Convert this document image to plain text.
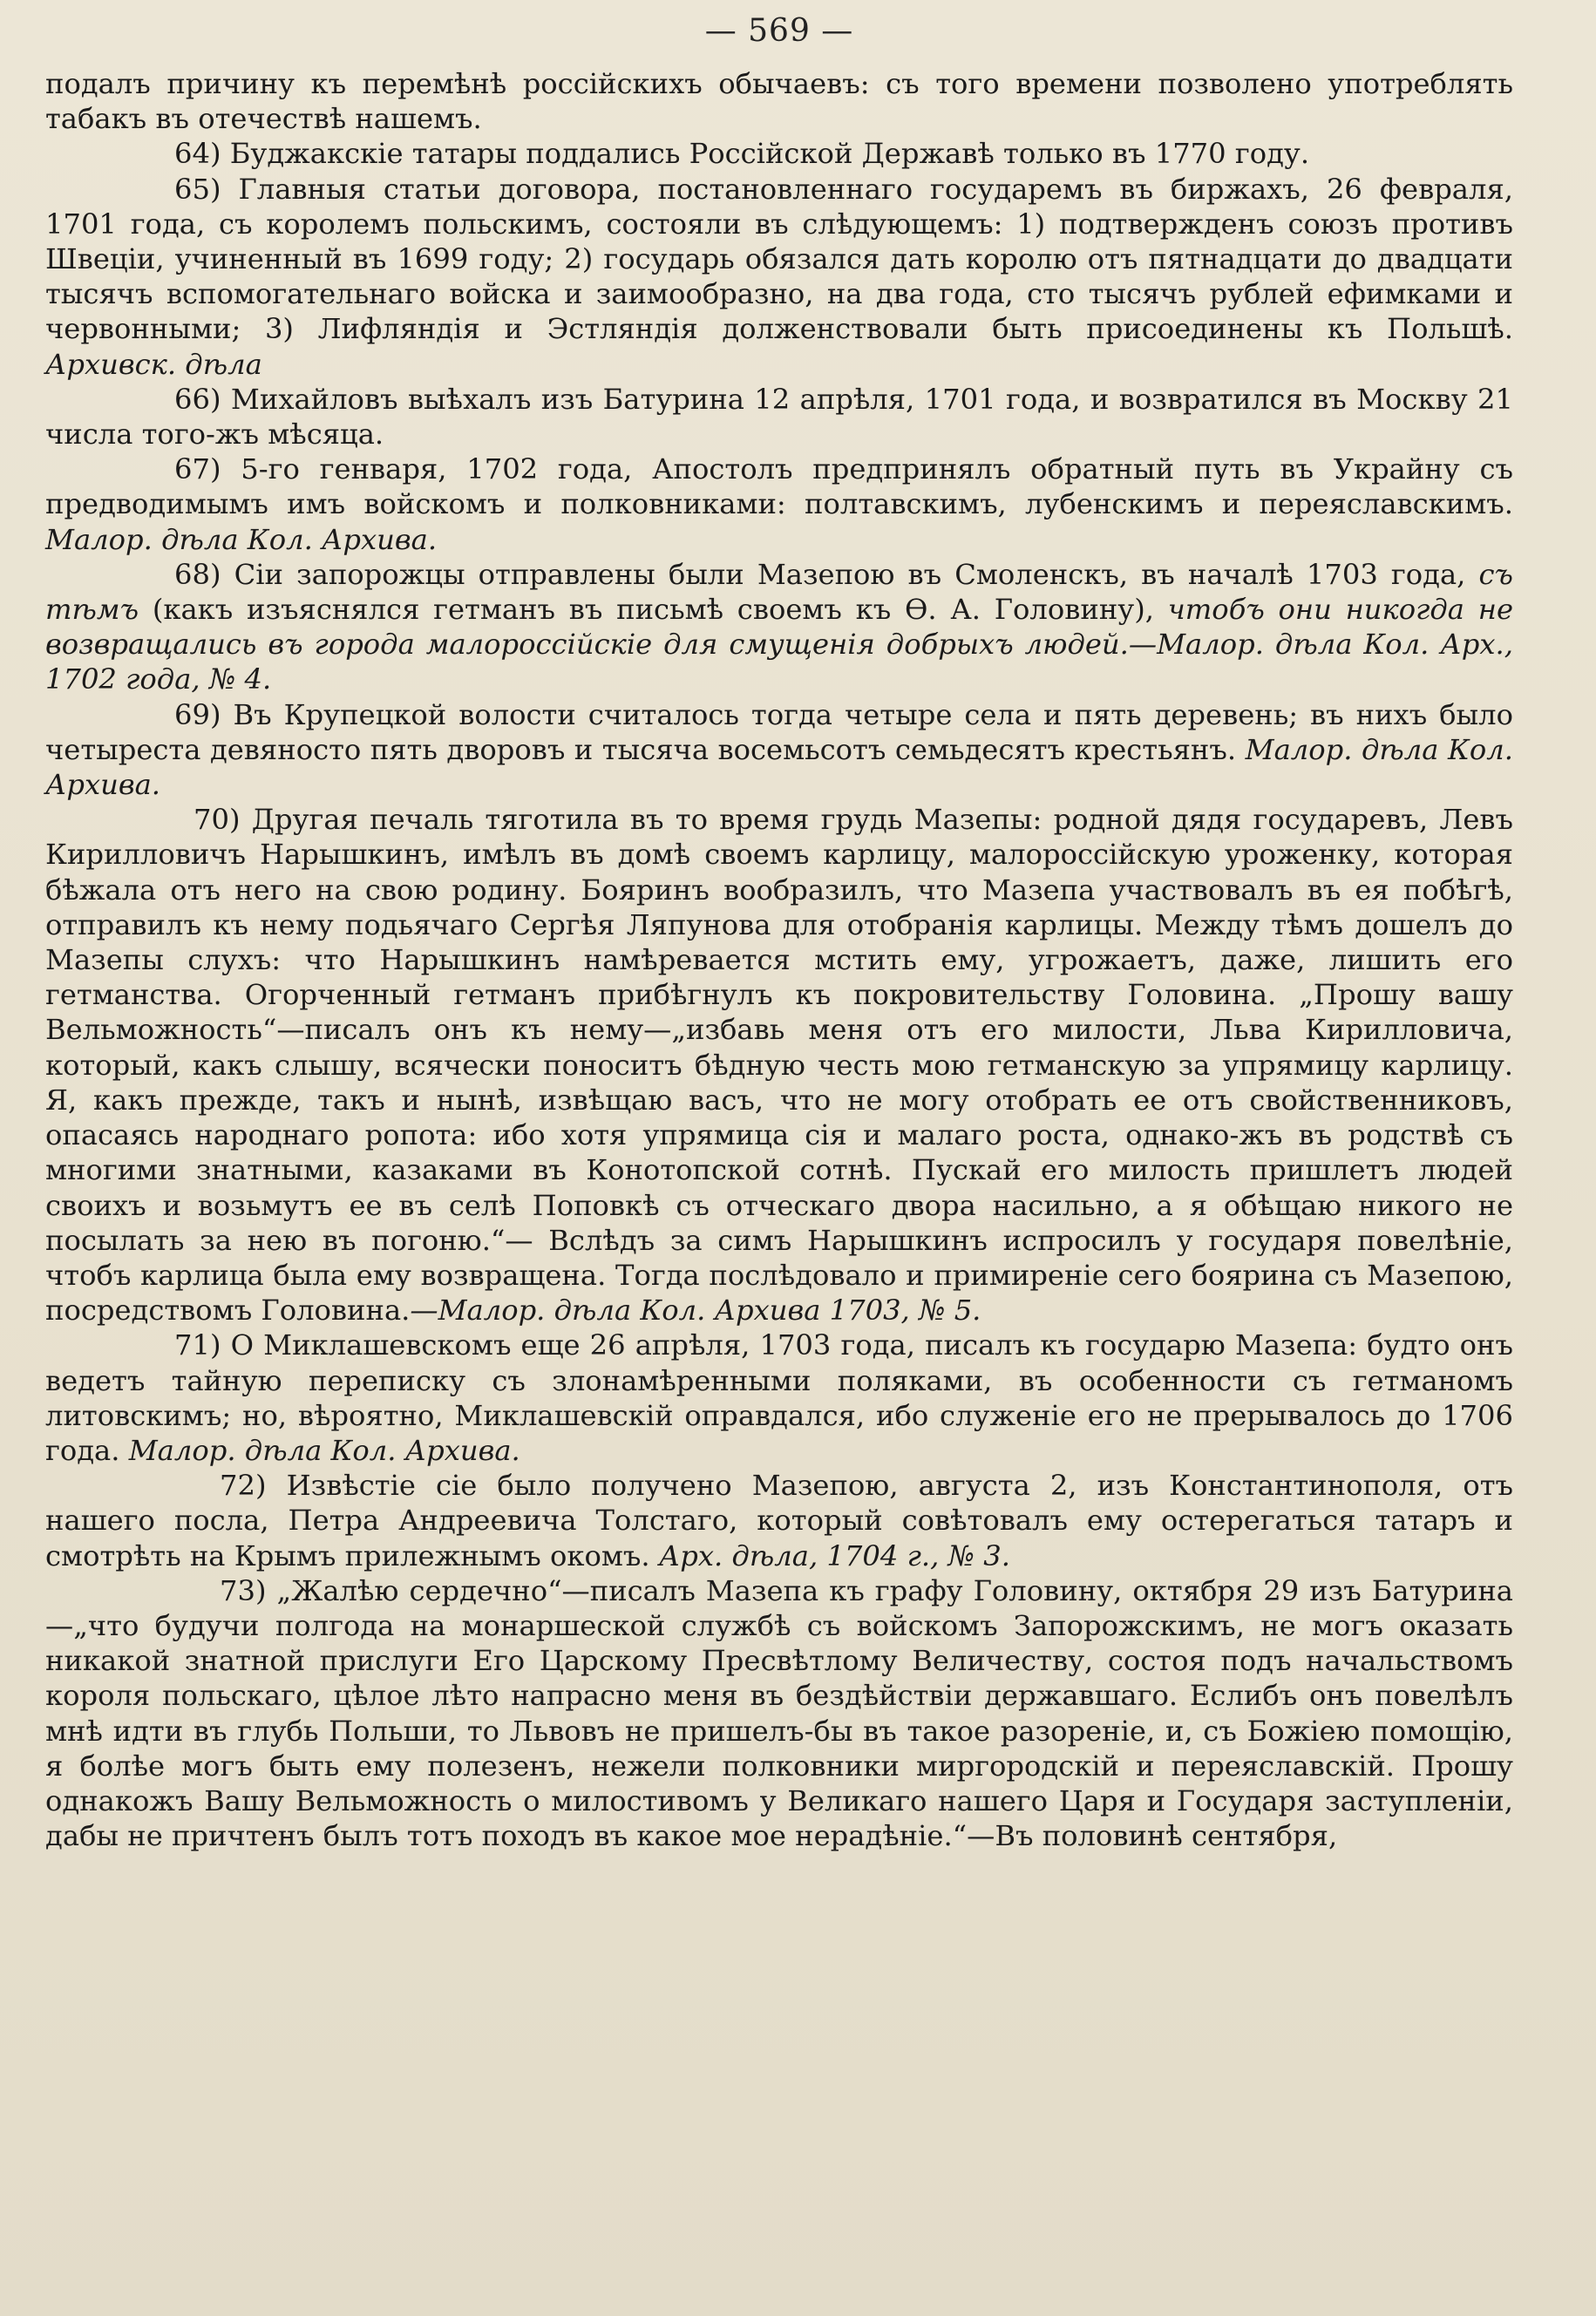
— 569 —

подалъ причину къ перемѣнѣ россійскихъ обычаевъ: съ того времени позволено употреблять табакъ въ отечествѣ нашемъ.

64) Буджакскіе татары поддались Россійской Державѣ только въ 1770 году.

65) Главныя статьи договора, постановленнаго государемъ въ биржахъ, 26 февраля, 1701 года, съ королемъ польскимъ, состояли въ слѣдующемъ: 1) подтвержденъ союзъ противъ Швеціи, учиненный въ 1699 году; 2) государь обязался дать королю отъ пятнадцати до двадцати тысячъ вспомогательнаго войска и заимообразно, на два года, сто тысячъ рублей ефимками и червонными; 3) Лифляндія и Эстляндія долженствовали быть присоединены къ Польшѣ. Архивск. дѣла

66) Михайловъ выѣхалъ изъ Батурина 12 апрѣля, 1701 года, и возвратился въ Москву 21 числа того-жъ мѣсяца.

67) 5-го генваря, 1702 года, Апостолъ предпринялъ обратный путь въ Украйну съ предводимымъ имъ войскомъ и полковниками: полтавскимъ, лубенскимъ и переяславскимъ. Малор. дѣла Кол. Архива.

68) Сіи запорожцы отправлены были Мазепою въ Смоленскъ, въ началѣ 1703 года, съ тѣмъ (какъ изъяснялся гетманъ въ письмѣ своемъ къ Ѳ. А. Головину), чтобъ они никогда не возвращались въ города малороссійскіе для смущенія добрыхъ людей.—Малор. дѣла Кол. Арх., 1702 года, № 4.

69) Въ Крупецкой волости считалось тогда четыре села и пять деревень; въ нихъ было четыреста девяносто пять дворовъ и тысяча восемьсотъ семьдесятъ крестьянъ. Малор. дѣла Кол. Архива.

70) Другая печаль тяготила въ то время грудь Мазепы: родной дядя государевъ, Левъ Кирилловичъ Нарышкинъ, имѣлъ въ домѣ своемъ карлицу, малороссійскую уроженку, которая бѣжала отъ него на свою родину. Бояринъ вообразилъ, что Мазепа участвовалъ въ ея побѣгѣ, отправилъ къ нему подьячаго Сергѣя Ляпунова для отобранія карлицы. Между тѣмъ дошелъ до Мазепы слухъ: что Нарышкинъ намѣревается мстить ему, угрожаетъ, даже, лишить его гетманства. Огорченный гетманъ прибѣгнулъ къ покровительству Головина. „Прошу вашу Вельможность“—писалъ онъ къ нему—„избавь меня отъ его милости, Льва Кирилловича, который, какъ слышу, всячески поноситъ бѣдную честь мою гетманскую за упрямицу карлицу. Я, какъ прежде, такъ и нынѣ, извѣщаю васъ, что не могу отобрать ее отъ свойственниковъ, опасаясь народнаго ропота: ибо хотя упрямица сія и малаго роста, однако-жъ въ родствѣ съ многими знатными, казаками въ Конотопской сотнѣ. Пускай его милость пришлетъ людей своихъ и возьмутъ ее въ селѣ Поповкѣ съ отческаго двора насильно, а я обѣщаю никого не посылать за нею въ погоню.“— Вслѣдъ за симъ Нарышкинъ испросилъ у государя повелѣніе, чтобъ карлица была ему возвращена. Тогда послѣдовало и примиреніе сего боярина съ Мазепою, посредствомъ Головина.—Малор. дѣла Кол. Архива 1703, № 5.

71) О Миклашевскомъ еще 26 апрѣля, 1703 года, писалъ къ государю Мазепа: будто онъ ведетъ тайную переписку съ злонамѣренными поляками, въ особенности съ гетманомъ литовскимъ; но, вѣроятно, Миклашевскій оправдался, ибо служеніе его не прерывалось до 1706 года. Малор. дѣла Кол. Архива.

72) Извѣстіе сіе было получено Мазепою, августа 2, изъ Константинополя, отъ нашего посла, Петра Андреевича Толстаго, который совѣтовалъ ему остерегаться татаръ и смотрѣть на Крымъ прилежнымъ окомъ. Арх. дѣла, 1704 г., № 3.

73) „Жалѣю сердечно“—писалъ Мазепа къ графу Головину, октября 29 изъ Батурина—„что будучи полгода на монаршеской службѣ съ войскомъ Запорожскимъ, не могъ оказать никакой знатной прислуги Его Царскому Пресвѣтлому Величеству, состоя подъ начальствомъ короля польскаго, цѣлое лѣто напрасно меня въ бездѣйствіи державшаго. Еслибъ онъ повелѣлъ мнѣ идти въ глубь Польши, то Львовъ не пришелъ-бы въ такое разореніе, и, съ Божіею помощію, я болѣе могъ быть ему полезенъ, нежели полковники миргородскій и переяславскій. Прошу однакожъ Вашу Вельможность о милостивомъ у Великаго нашего Царя и Государя заступленіи, дабы не причтенъ былъ тотъ походъ въ какое мое нерадѣніе.“—Въ половинѣ сентября,
